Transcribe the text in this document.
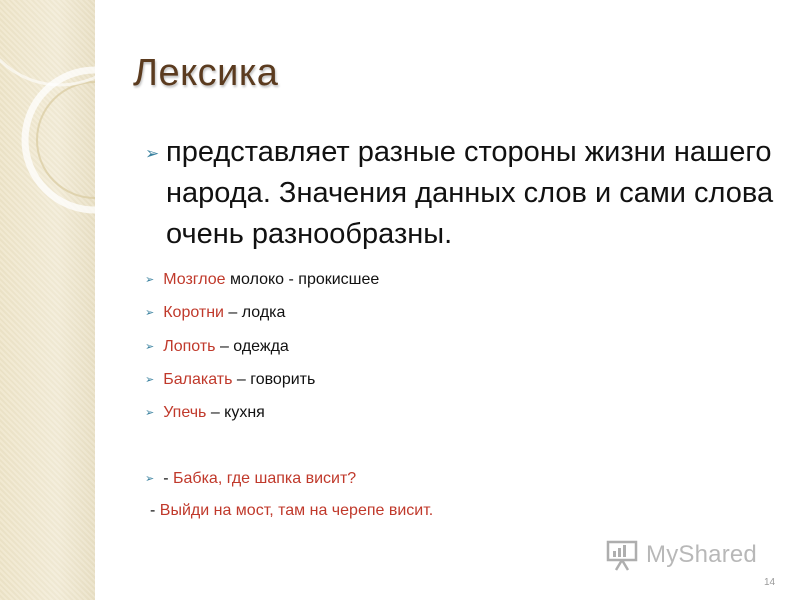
Лексика
➢ представляет разные стороны жизни нашего народа. Значения данных слов и сами слова очень разнообразны.
➢ Мозглое молоко - прокисшее
➢ Коротни – лодка
➢ Лопоть – одежда
➢ Балакать – говорить
➢ Упечь – кухня
➢ - Бабка, где шапка висит?
- Выйди на мост, там на черепе висит.
MyShared
14
